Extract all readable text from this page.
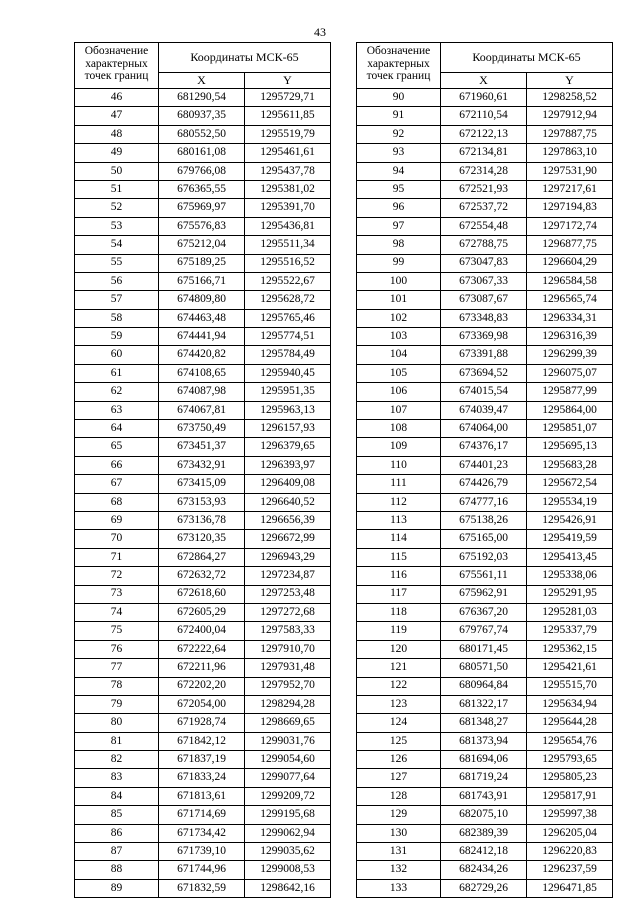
43
Обозначение характерных точек границ	Координаты МСК-65	
	X	Y
46	681290,54	1295729,71
47	680937,35	1295611,85
48	680552,50	1295519,79
49	680161,08	1295461,61
50	679766,08	1295437,78
51	676365,55	1295381,02
52	675969,97	1295391,70
53	675576,83	1295436,81
54	675212,04	1295511,34
55	675189,25	1295516,52
56	675166,71	1295522,67
57	674809,80	1295628,72
58	674463,48	1295765,46
59	674441,94	1295774,51
60	674420,82	1295784,49
61	674108,65	1295940,45
62	674087,98	1295951,35
63	674067,81	1295963,13
64	673750,49	1296157,93
65	673451,37	1296379,65
66	673432,91	1296393,97
67	673415,09	1296409,08
68	673153,93	1296640,52
69	673136,78	1296656,39
70	673120,35	1296672,99
71	672864,27	1296943,29
72	672632,72	1297234,87
73	672618,60	1297253,48
74	672605,29	1297272,68
75	672400,04	1297583,33
76	672222,64	1297910,70
77	672211,96	1297931,48
78	672202,20	1297952,70
79	672054,00	1298294,28
80	671928,74	1298669,65
81	671842,12	1299031,76
82	671837,19	1299054,60
83	671833,24	1299077,64
84	671813,61	1299209,72
85	671714,69	1299195,68
86	671734,42	1299062,94
87	671739,10	1299035,62
88	671744,96	1299008,53
89	671832,59	1298642,16
Обозначение характерных точек границ	Координаты МСК-65	
	X	Y
90	671960,61	1298258,52
91	672110,54	1297912,94
92	672122,13	1297887,75
93	672134,81	1297863,10
94	672314,28	1297531,90
95	672521,93	1297217,61
96	672537,72	1297194,83
97	672554,48	1297172,74
98	672788,75	1296877,75
99	673047,83	1296604,29
100	673067,33	1296584,58
101	673087,67	1296565,74
102	673348,83	1296334,31
103	673369,98	1296316,39
104	673391,88	1296299,39
105	673694,52	1296075,07
106	674015,54	1295877,99
107	674039,47	1295864,00
108	674064,00	1295851,07
109	674376,17	1295695,13
110	674401,23	1295683,28
111	674426,79	1295672,54
112	674777,16	1295534,19
113	675138,26	1295426,91
114	675165,00	1295419,59
115	675192,03	1295413,45
116	675561,11	1295338,06
117	675962,91	1295291,95
118	676367,20	1295281,03
119	679767,74	1295337,79
120	680171,45	1295362,15
121	680571,50	1295421,61
122	680964,84	1295515,70
123	681322,17	1295634,94
124	681348,27	1295644,28
125	681373,94	1295654,76
126	681694,06	1295793,65
127	681719,24	1295805,23
128	681743,91	1295817,91
129	682075,10	1295997,38
130	682389,39	1296205,04
131	682412,18	1296220,83
132	682434,26	1296237,59
133	682729,26	1296471,85
